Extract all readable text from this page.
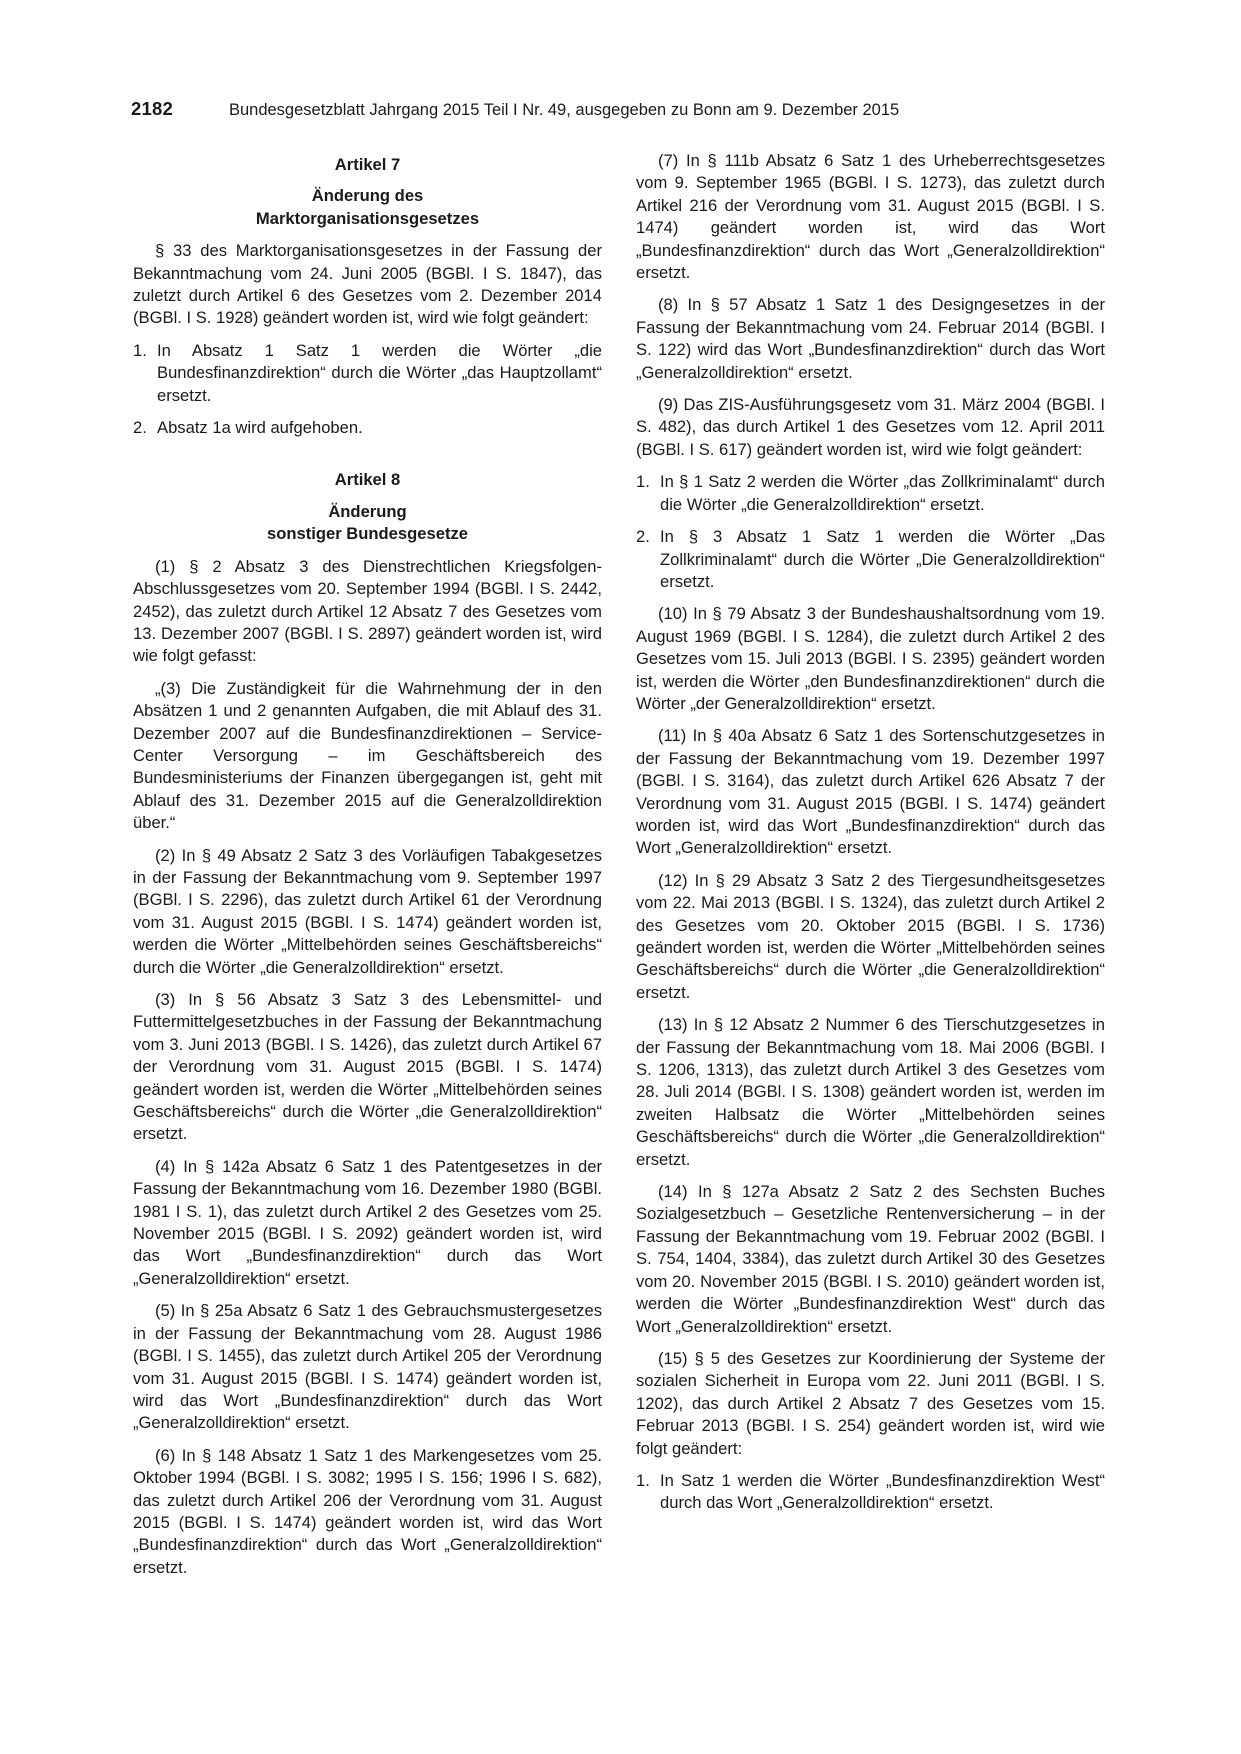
2182	Bundesgesetzblatt Jahrgang 2015 Teil I Nr. 49, ausgegeben zu Bonn am 9. Dezember 2015
Artikel 7
Änderung des
Marktorganisationsgesetzes

§ 33 des Marktorganisationsgesetzes in der Fassung der Bekanntmachung vom 24. Juni 2005 (BGBl. I S. 1847), das zuletzt durch Artikel 6 des Gesetzes vom 2. Dezember 2014 (BGBl. I S. 1928) geändert worden ist, wird wie folgt geändert:

1. In Absatz 1 Satz 1 werden die Wörter „die Bundesfinanzdirektion“ durch die Wörter „das Hauptzollamt“ ersetzt.
2. Absatz 1a wird aufgehoben.
Artikel 8
Änderung
sonstiger Bundesgesetze

(1) § 2 Absatz 3 des Dienstrechtlichen Kriegsfolgen-Abschlussgesetzes vom 20. September 1994 (BGBl. I S. 2442, 2452), das zuletzt durch Artikel 12 Absatz 7 des Gesetzes vom 13. Dezember 2007 (BGBl. I S. 2897) geändert worden ist, wird wie folgt gefasst:

„(3) Die Zuständigkeit für die Wahrnehmung der in den Absätzen 1 und 2 genannten Aufgaben, die mit Ablauf des 31. Dezember 2007 auf die Bundesfinanzdirektionen – Service-Center Versorgung – im Geschäftsbereich des Bundesministeriums der Finanzen übergegangen ist, geht mit Ablauf des 31. Dezember 2015 auf die Generalzolldirektion über.“

(2) In § 49 Absatz 2 Satz 3 des Vorläufigen Tabakgesetzes in der Fassung der Bekanntmachung vom 9. September 1997 (BGBl. I S. 2296), das zuletzt durch Artikel 61 der Verordnung vom 31. August 2015 (BGBl. I S. 1474) geändert worden ist, werden die Wörter „Mittelbehörden seines Geschäftsbereichs“ durch die Wörter „die Generalzolldirektion“ ersetzt.

(3) In § 56 Absatz 3 Satz 3 des Lebensmittel- und Futtermittelgesetzbuches in der Fassung der Bekanntmachung vom 3. Juni 2013 (BGBl. I S. 1426), das zuletzt durch Artikel 67 der Verordnung vom 31. August 2015 (BGBl. I S. 1474) geändert worden ist, werden die Wörter „Mittelbehörden seines Geschäftsbereichs“ durch die Wörter „die Generalzolldirektion“ ersetzt.

(4) In § 142a Absatz 6 Satz 1 des Patentgesetzes in der Fassung der Bekanntmachung vom 16. Dezember 1980 (BGBl. 1981 I S. 1), das zuletzt durch Artikel 2 des Gesetzes vom 25. November 2015 (BGBl. I S. 2092) geändert worden ist, wird das Wort „Bundesfinanzdirektion“ durch das Wort „Generalzolldirektion“ ersetzt.

(5) In § 25a Absatz 6 Satz 1 des Gebrauchsmustergesetzes in der Fassung der Bekanntmachung vom 28. August 1986 (BGBl. I S. 1455), das zuletzt durch Artikel 205 der Verordnung vom 31. August 2015 (BGBl. I S. 1474) geändert worden ist, wird das Wort „Bundesfinanzdirektion“ durch das Wort „Generalzolldirektion“ ersetzt.

(6) In § 148 Absatz 1 Satz 1 des Markengesetzes vom 25. Oktober 1994 (BGBl. I S. 3082; 1995 I S. 156; 1996 I S. 682), das zuletzt durch Artikel 206 der Verordnung vom 31. August 2015 (BGBl. I S. 1474) geändert worden ist, wird das Wort „Bundesfinanzdirektion“ durch das Wort „Generalzolldirektion“ ersetzt.

(7) In § 111b Absatz 6 Satz 1 des Urheberrechtsgesetzes vom 9. September 1965 (BGBl. I S. 1273), das zuletzt durch Artikel 216 der Verordnung vom 31. August 2015 (BGBl. I S. 1474) geändert worden ist, wird das Wort „Bundesfinanzdirektion“ durch das Wort „Generalzolldirektion“ ersetzt.

(8) In § 57 Absatz 1 Satz 1 des Designgesetzes in der Fassung der Bekanntmachung vom 24. Februar 2014 (BGBl. I S. 122) wird das Wort „Bundesfinanzdirektion“ durch das Wort „Generalzolldirektion“ ersetzt.

(9) Das ZIS-Ausführungsgesetz vom 31. März 2004 (BGBl. I S. 482), das durch Artikel 1 des Gesetzes vom 12. April 2011 (BGBl. I S. 617) geändert worden ist, wird wie folgt geändert:

1. In § 1 Satz 2 werden die Wörter „das Zollkriminalamt“ durch die Wörter „die Generalzolldirektion“ ersetzt.
2. In § 3 Absatz 1 Satz 1 werden die Wörter „Das Zollkriminalamt“ durch die Wörter „Die Generalzolldirektion“ ersetzt.

(10) In § 79 Absatz 3 der Bundeshaushaltsordnung vom 19. August 1969 (BGBl. I S. 1284), die zuletzt durch Artikel 2 des Gesetzes vom 15. Juli 2013 (BGBl. I S. 2395) geändert worden ist, werden die Wörter „den Bundesfinanzdirektionen“ durch die Wörter „der Generalzolldirektion“ ersetzt.

(11) In § 40a Absatz 6 Satz 1 des Sortenschutzgesetzes in der Fassung der Bekanntmachung vom 19. Dezember 1997 (BGBl. I S. 3164), das zuletzt durch Artikel 626 Absatz 7 der Verordnung vom 31. August 2015 (BGBl. I S. 1474) geändert worden ist, wird das Wort „Bundesfinanzdirektion“ durch das Wort „Generalzolldirektion“ ersetzt.

(12) In § 29 Absatz 3 Satz 2 des Tiergesundheitsgesetzes vom 22. Mai 2013 (BGBl. I S. 1324), das zuletzt durch Artikel 2 des Gesetzes vom 20. Oktober 2015 (BGBl. I S. 1736) geändert worden ist, werden die Wörter „Mittelbehörden seines Geschäftsbereichs“ durch die Wörter „die Generalzolldirektion“ ersetzt.

(13) In § 12 Absatz 2 Nummer 6 des Tierschutzgesetzes in der Fassung der Bekanntmachung vom 18. Mai 2006 (BGBl. I S. 1206, 1313), das zuletzt durch Artikel 3 des Gesetzes vom 28. Juli 2014 (BGBl. I S. 1308) geändert worden ist, werden im zweiten Halbsatz die Wörter „Mittelbehörden seines Geschäftsbereichs“ durch die Wörter „die Generalzolldirektion“ ersetzt.

(14) In § 127a Absatz 2 Satz 2 des Sechsten Buches Sozialgesetzbuch – Gesetzliche Rentenversicherung – in der Fassung der Bekanntmachung vom 19. Februar 2002 (BGBl. I S. 754, 1404, 3384), das zuletzt durch Artikel 30 des Gesetzes vom 20. November 2015 (BGBl. I S. 2010) geändert worden ist, werden die Wörter „Bundesfinanzdirektion West“ durch das Wort „Generalzolldirektion“ ersetzt.

(15) § 5 des Gesetzes zur Koordinierung der Systeme der sozialen Sicherheit in Europa vom 22. Juni 2011 (BGBl. I S. 1202), das durch Artikel 2 Absatz 7 des Gesetzes vom 15. Februar 2013 (BGBl. I S. 254) geändert worden ist, wird wie folgt geändert:

1. In Satz 1 werden die Wörter „Bundesfinanzdirektion West“ durch das Wort „Generalzolldirektion“ ersetzt.
